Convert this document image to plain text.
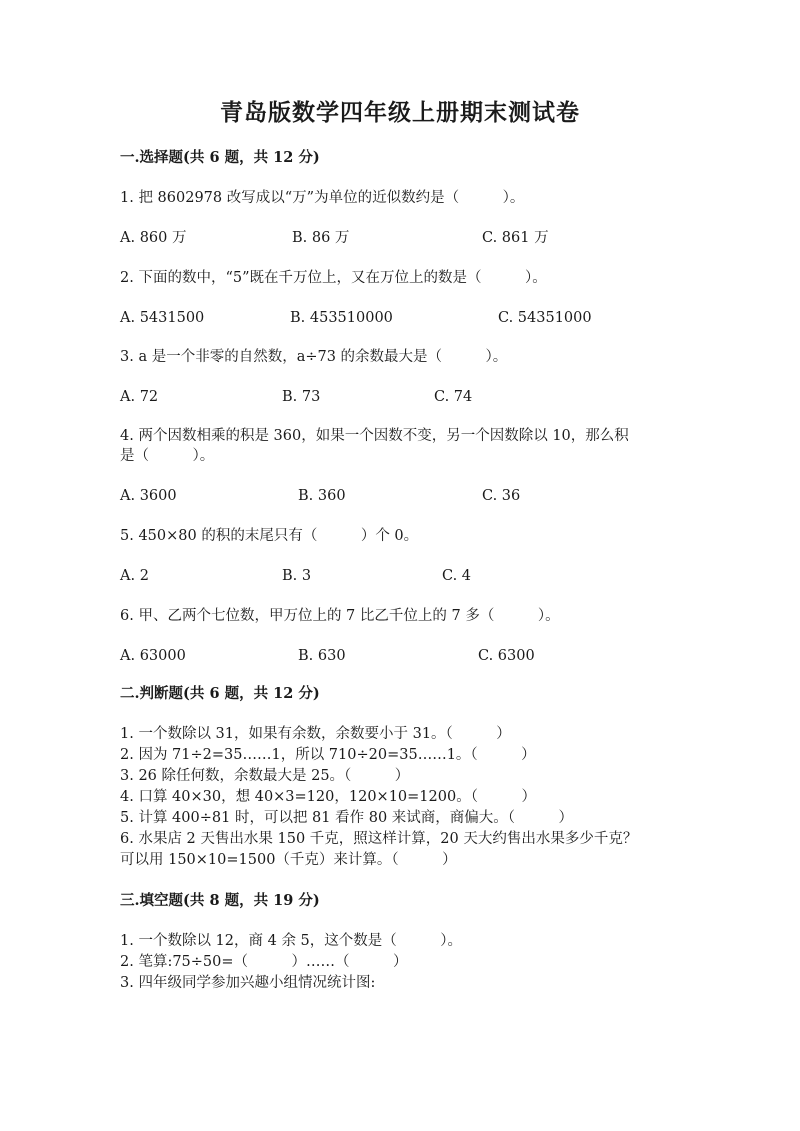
青岛版数学四年级上册期末测试卷
一.选择题(共 6 题，共 12 分)
1. 把 8602978 改写成以“万”为单位的近似数约是（　　　）。
A. 860 万	B. 86 万	C. 861 万
2. 下面的数中，“5”既在千万位上，又在万位上的数是（　　　）。
A. 5431500	B. 453510000	C. 54351000
3. a 是一个非零的自然数，a÷73 的余数最大是（　　　）。
A. 72	B. 73	C. 74
4. 两个因数相乘的积是 360，如果一个因数不变，另一个因数除以 10，那么积
是（　　　）。
A. 3600	B. 360	C. 36
5. 450×80 的积的末尾只有（　　　）个 0。
A. 2	B. 3	C. 4
6. 甲、乙两个七位数，甲万位上的 7 比乙千位上的 7 多（　　　）。
A. 63000	B. 630	C. 6300
二.判断题(共 6 题，共 12 分)
1. 一个数除以 31，如果有余数，余数要小于 31。（　　　）
2. 因为 71÷2=35……1，所以 710÷20=35……1。（　　　）
3. 26 除任何数，余数最大是 25。（　　　）
4. 口算 40×30，想 40×3=120，120×10=1200。（　　　）
5. 计算 400÷81 时，可以把 81 看作 80 来试商，商偏大。（　　　）
6. 水果店 2 天售出水果 150 千克，照这样计算，20 天大约售出水果多少千克？
可以用 150×10=1500（千克）来计算。（　　　）
三.填空题(共 8 题，共 19 分)
1. 一个数除以 12，商 4 余 5，这个数是（　　　）。
2. 笔算:75÷50=（　　　）……（　　　）
3. 四年级同学参加兴趣小组情况统计图:
